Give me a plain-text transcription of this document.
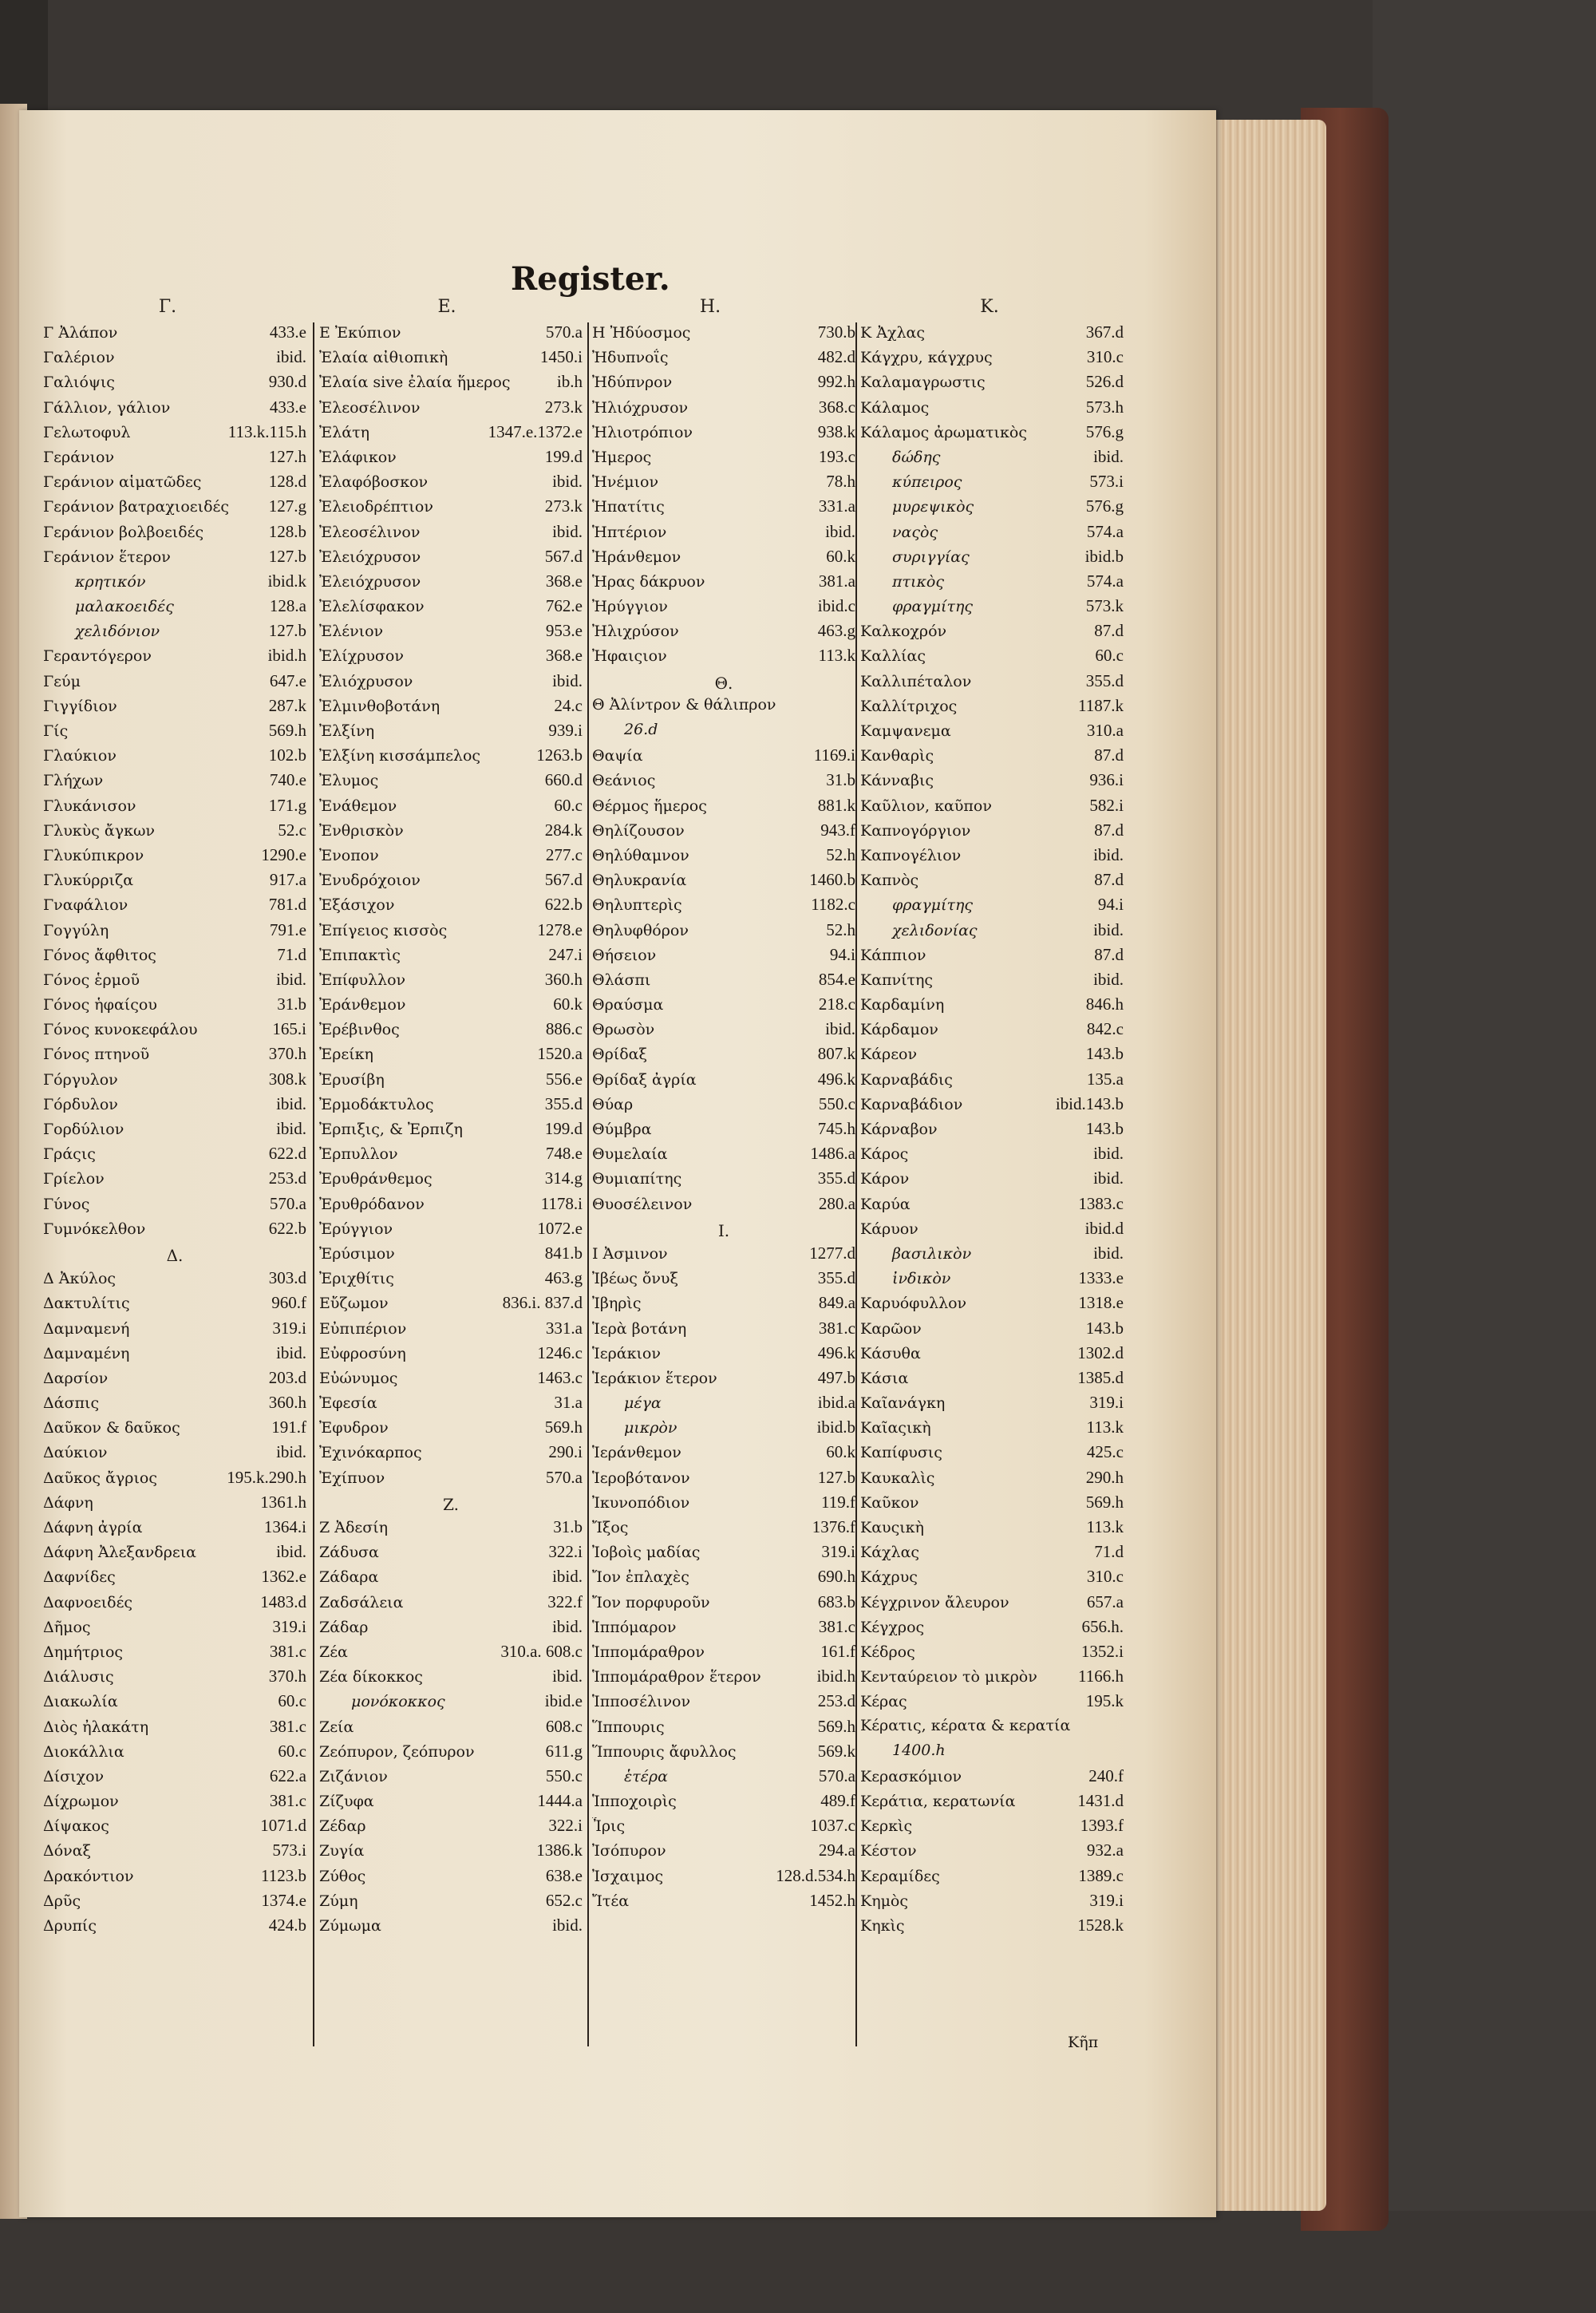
Register.
Γ.	E.	H.	K.
Γ Ἀλάπον	433.e
Γαλέριον	ibid.
Γαλιόψις	930.d
Γάλλιον, γάλιον	433.e
Γελωτοφυλ	113.k.115.h
Γεράνιον	127.h
Γεράνιον αἱματῶδες	128.d
Γεράνιον βατραχιοειδές	127.g
Γεράνιον βολβοειδές	128.b
Γεράνιον ἕτερον	127.b
κρητικόν	ibid.k
μαλακοειδές	128.a
χελιδόνιον	127.b
Γεραντόγερον	ibid.h
Γεύμ	647.e
Γιγγίδιον	287.k
Γίς	569.h
Γλαύκιον	102.b
Γλήχων	740.e
Γλυκάνισον	171.g
Γλυκὺς ἄγκων	52.c
Γλυκύπικρον	1290.e
Γλυκύρριζα	917.a
Γναφάλιον	781.d
Γογγύλη	791.e
Γόνος ἄφθιτος	71.d
Γόνος ἑρμοῦ	ibid.
Γόνος ἡφαίςου	31.b
Γόνος κυνοκεφάλου	165.i
Γόνος πτηνοῦ	370.h
Γόργυλον	308.k
Γόρδυλον	ibid.
Γορδύλιον	ibid.
Γράςις	622.d
Γρίελον	253.d
Γύνος	570.a
Γυμνόκελθον	622.b
Δ.
Δ Ἀκύλος	303.d
Δακτυλίτις	960.f
Δαμναμενή	319.i
Δαμναμένη	ibid.
Δαρσίον	203.d
Δάσπις	360.h
Δαῦκον & δαῦκος	191.f
Δαύκιον	ibid.
Δαῦκος ἄγριος	195.k.290.h
Δάφνη	1361.h
Δάφνη ἀγρία	1364.i
Δάφνη Ἀλεξανδρεια	ibid.
Δαφνίδες	1362.e
Δαφνοειδές	1483.d
Δῆμος	319.i
Δημήτριος	381.c
Διάλυσις	370.h
Διακωλία	60.c
Διὸς ἠλακάτη	381.c
Διοκάλλια	60.c
Δίσιχον	622.a
Δίχρωμον	381.c
Δίψακος	1071.d
Δόναξ	573.i
Δρακόντιον	1123.b
Δρῦς	1374.e
Δρυπίς	424.b
E Ἐκύπιον	570.a
Ἐλαία αἰθιοπικὴ	1450.i
Ἐλαία sive ἐλαία ἥμερος	ib.h
Ἐλεοσέλινον	273.k
Ἐλάτη	1347.e.1372.e
Ἐλάφικον	199.d
Ἐλαφόβοσκον	ibid.
Ἐλειοδρέπτιον	273.k
Ἐλεοσέλινον	ibid.
Ἐλειόχρυσον	567.d
Ἐλειόχρυσον	368.e
Ἐλελίσφακον	762.e
Ἐλένιον	953.e
Ἐλίχρυσον	368.e
Ἐλιόχρυσον	ibid.
Ἐλμινθοβοτάνη	24.c
Ἐλξίνη	939.i
Ἐλξίνη κισσάμπελος	1263.b
Ἐλυμος	660.d
Ἐνάθεμον	60.c
Ἐνθρισκὸν	284.k
Ἐνοπον	277.c
Ἐνυδρόχοιον	567.d
Ἐξάσιχον	622.b
Ἐπίγειος κισσὸς	1278.e
Ἐπιπακτὶς	247.i
Ἐπίφυλλον	360.h
Ἐράνθεμον	60.k
Ἐρέβινθος	886.c
Ἐρείκη	1520.a
Ἐρυσίβη	556.e
Ἐρμοδάκτυλος	355.d
Ἐρπιξις, & Ἐρπιζη	199.d
Ἐρπυλλον	748.e
Ἐρυθράνθεμος	314.g
Ἐρυθρόδανον	1178.i
Ἐρύγγιον	1072.e
Ἐρύσιμον	841.b
Ἐριχθίτις	463.g
Εὔζωμον	836.i. 837.d
Εὐπιπέριον	331.a
Εὐφροσύνη	1246.c
Εὐώνυμος	1463.c
Ἐφεσία	31.a
Ἐφυδρον	569.h
Ἐχινόκαρπος	290.i
Ἐχίπυον	570.a
Z.
Z Ἀδεσίη	31.b
Ζάδυσα	322.i
Ζάδαρα	ibid.
Ζαδσάλεια	322.f
Ζάδαρ	ibid.
Ζέα	310.a. 608.c
Ζέα δίκοκκος	ibid.
μονόκοκκος	ibid.e
Ζεία	608.c
Ζεόπυρον, ζεόπυρον	611.g
Ζιζάνιον	550.c
Ζίζυφα	1444.a
Ζέδαρ	322.i
Ζυγία	1386.k
Ζύθος	638.e
Ζύμη	652.c
Ζύμωμα	ibid.
H Ἠδύοσμος	730.b
Ἠδυπνοΐς	482.d
Ἠδύπνρον	992.h
Ἠλιόχρυσον	368.c
Ἠλιοτρόπιον	938.k
Ἡμερος	193.c
Ἡνέμιον	78.h
Ἡπατίτις	331.a
Ἡπτέριον	ibid.
Ἠράνθεμον	60.k
Ἡρας δάκρυον	381.a
Ἠρύγγιον	ibid.c
Ἠλιχρύσον	463.g
Ἠφαιςιον	113.k
Θ.
Θ Ἀλίντρον & θάλιπρον
26.d
Θαψία	1169.i
Θεάνιος	31.b
Θέρμος ἥμερος	881.k
Θηλίζουσον	943.f
Θηλύθαμνον	52.h
Θηλυκρανία	1460.b
Θηλυπτερὶς	1182.c
Θηλυφθόρον	52.h
Θήσειον	94.i
Θλάσπι	854.e
Θραύσμα	218.c
Θρωσὸν	ibid.
Θρίδαξ	807.k
Θρίδαξ ἀγρία	496.k
Θύαρ	550.c
Θύμβρα	745.h
Θυμελαία	1486.a
Θυμιαπίτης	355.d
Θυοσέλεινον	280.a
I.
I Ἀσμινον	1277.d
Ἰβέως ὄνυξ	355.d
Ἰβηρὶς	849.a
Ἱερὰ βοτάνη	381.c
Ἱεράκιον	496.k
Ἱεράκιον ἕτερον	497.b
μέγα	ibid.a
μικρὸν	ibid.b
Ἱεράνθεμον	60.k
Ἱεροβότανον	127.b
Ἰκυνοπόδιον	119.f
Ἴξος	1376.f
Ἰοβοὶς μαδίας	319.i
Ἴον ἐπλαχὲς	690.h
Ἴον πορφυροῦν	683.b
Ἱππόμαρον	381.c
Ἱππομάραθρον	161.f
Ἱππομάραθρον ἕτερον	ibid.h
Ἱπποσέλινον	253.d
Ἵππουρις	569.h
Ἵππουρις ἄφυλλος	569.k
ἑτέρα	570.a
Ἱπποχοιρὶς	489.f
Ἶρις	1037.c
Ἰσόπυρον	294.a
Ἰσχαιμος	128.d.534.h
Ἴτέα	1452.h
K Ἀχλας	367.d
Κάγχρυ, κάγχρυς	310.c
Καλαμαγρωστις	526.d
Κάλαμος	573.h
Κάλαμος ἀρωματικὸς	576.g
δώδης	ibid.
κύπειρος	573.i
μυρεψικὸς	576.g
ναςὸς	574.a
συριγγίας	ibid.b
πτικὸς	574.a
φραγμίτης	573.k
Καλκοχρόν	87.d
Καλλίας	60.c
Καλλιπέταλον	355.d
Καλλίτριχος	1187.k
Καμψανεμα	310.a
Κανθαρὶς	87.d
Κάνναβις	936.i
Καῦλιον, καῦπον	582.i
Καπνογόργιον	87.d
Καπνογέλιον	ibid.
Καπνὸς	87.d
φραγμίτης	94.i
χελιδονίας	ibid.
Κάππιον	87.d
Καπνίτης	ibid.
Καρδαμίνη	846.h
Κάρδαμον	842.c
Κάρεον	143.b
Καρναβάδις	135.a
Καρναβάδιον	ibid.143.b
Κάρναβον	143.b
Κάρος	ibid.
Κάρον	ibid.
Καρύα	1383.c
Κάρυον	ibid.d
βασιλικὸν	ibid.
ἰνδικὸν	1333.e
Καρυόφυλλον	1318.e
Καρῶον	143.b
Κάσυθα	1302.d
Κάσια	1385.d
Καῖανάγκη	319.i
Καῖαςικὴ	113.k
Καπίφυσις	425.c
Καυκαλὶς	290.h
Καῦκον	569.h
Καυςικὴ	113.k
Κάχλας	71.d
Κάχρυς	310.c
Κέγχρινον ἄλευρον	657.a
Κέγχρος	656.h.
Κέδρος	1352.i
Κενταύρειον τὸ μικρὸν	1166.h
Κέρας	195.k
Κέρατις, κέρατα & κερατία
1400.h
Κερασκόμιον	240.f
Κεράτια, κερατωνία	1431.d
Κερκὶς	1393.f
Κέστον	932.a
Κεραμίδες	1389.c
Κημὸς	319.i
Κηκὶς	1528.k
Κῆπ
